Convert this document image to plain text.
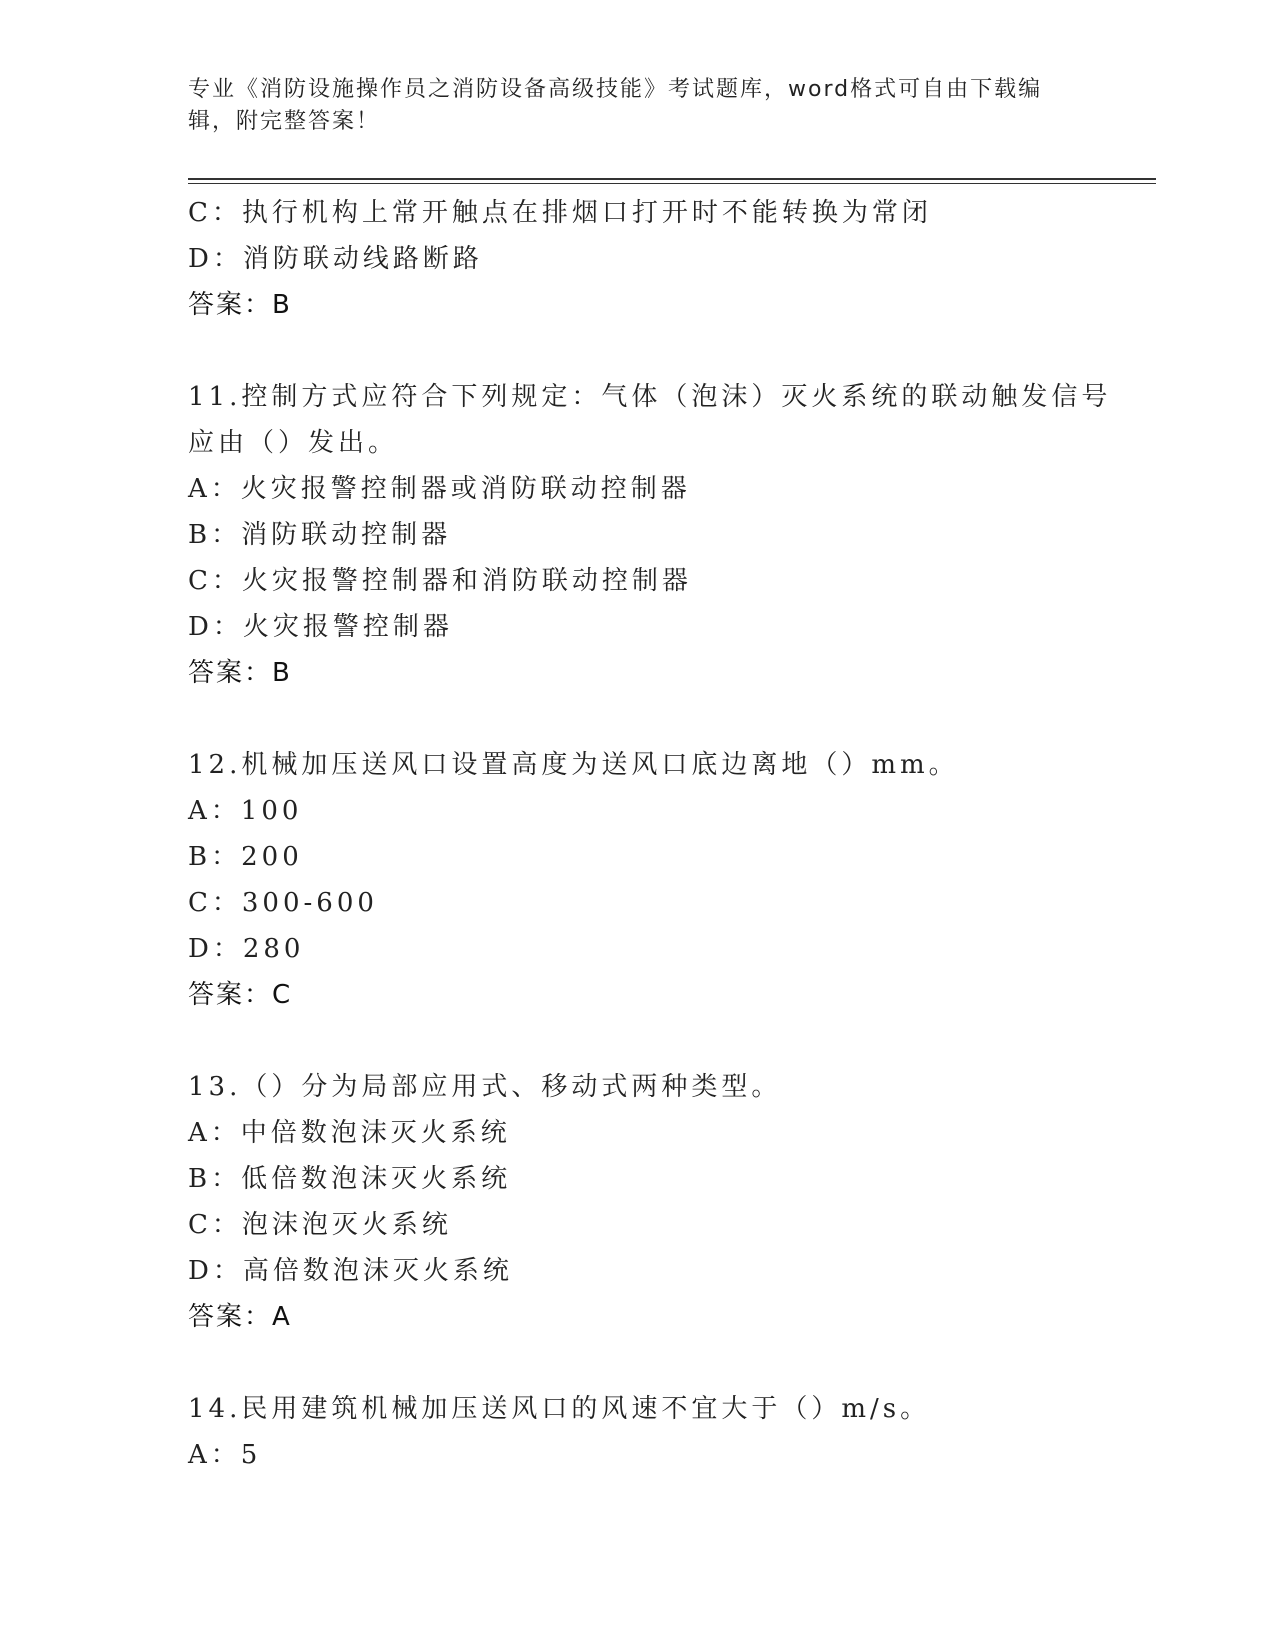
专业《消防设施操作员之消防设备高级技能》考试题库，word格式可自由下载编
辑，附完整答案！
C：执行机构上常开触点在排烟口打开时不能转换为常闭
D：消防联动线路断路
答案：B
11.控制方式应符合下列规定：气体（泡沫）灭火系统的联动触发信号
应由（）发出。
A：火灾报警控制器或消防联动控制器
B：消防联动控制器
C：火灾报警控制器和消防联动控制器
D：火灾报警控制器
答案：B
12.机械加压送风口设置高度为送风口底边离地（）mm。
A：100
B：200
C：300-600
D：280
答案：C
13.（）分为局部应用式、移动式两种类型。
A：中倍数泡沫灭火系统
B：低倍数泡沫灭火系统
C：泡沫泡灭火系统
D：高倍数泡沫灭火系统
答案：A
14.民用建筑机械加压送风口的风速不宜大于（）m/s。
A：5
